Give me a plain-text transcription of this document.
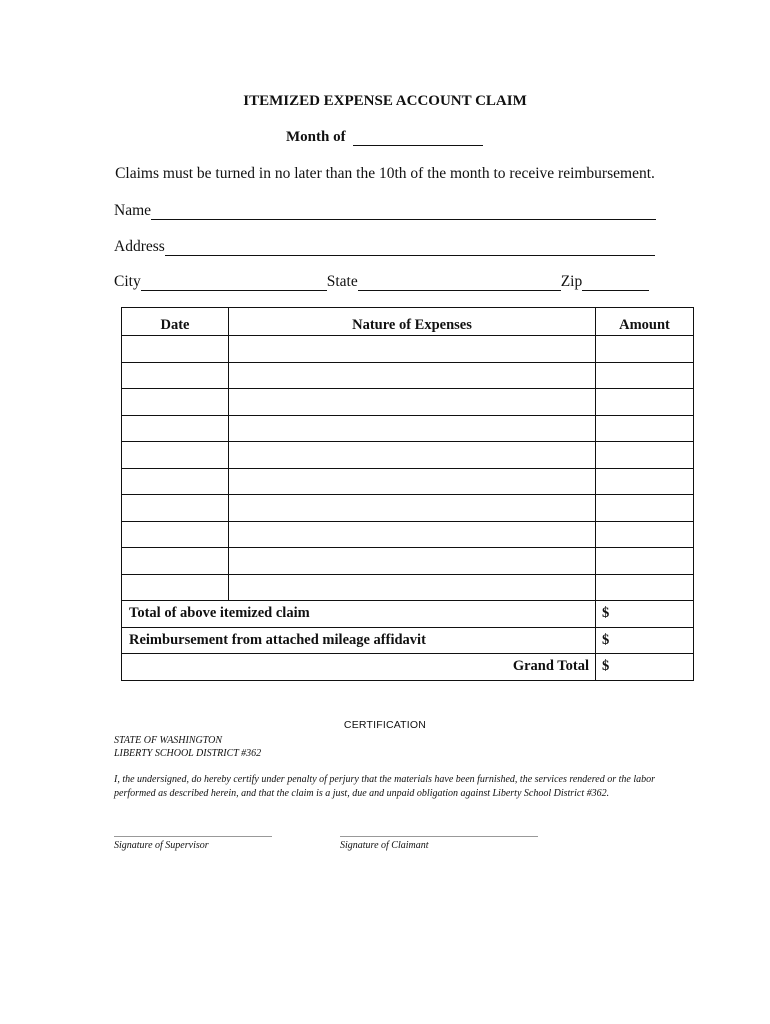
ITEMIZED EXPENSE ACCOUNT CLAIM
Month of
Claims must be turned in no later than the 10th of the month to receive reimbursement.
Name
Address
City	State	Zip
Date	Nature of Expenses	Amount

Total of above itemized claim		$
Reimbursement from attached mileage affidavit		$
Grand Total		$
CERTIFICATION
STATE OF WASHINGTON
LIBERTY SCHOOL DISTRICT #362
I, the undersigned, do hereby certify under penalty of perjury that the materials have been furnished, the services rendered or the labor performed as described herein, and that the claim is a just, due and unpaid obligation against Liberty School District #362.
Signature of Supervisor	Signature of Claimant
